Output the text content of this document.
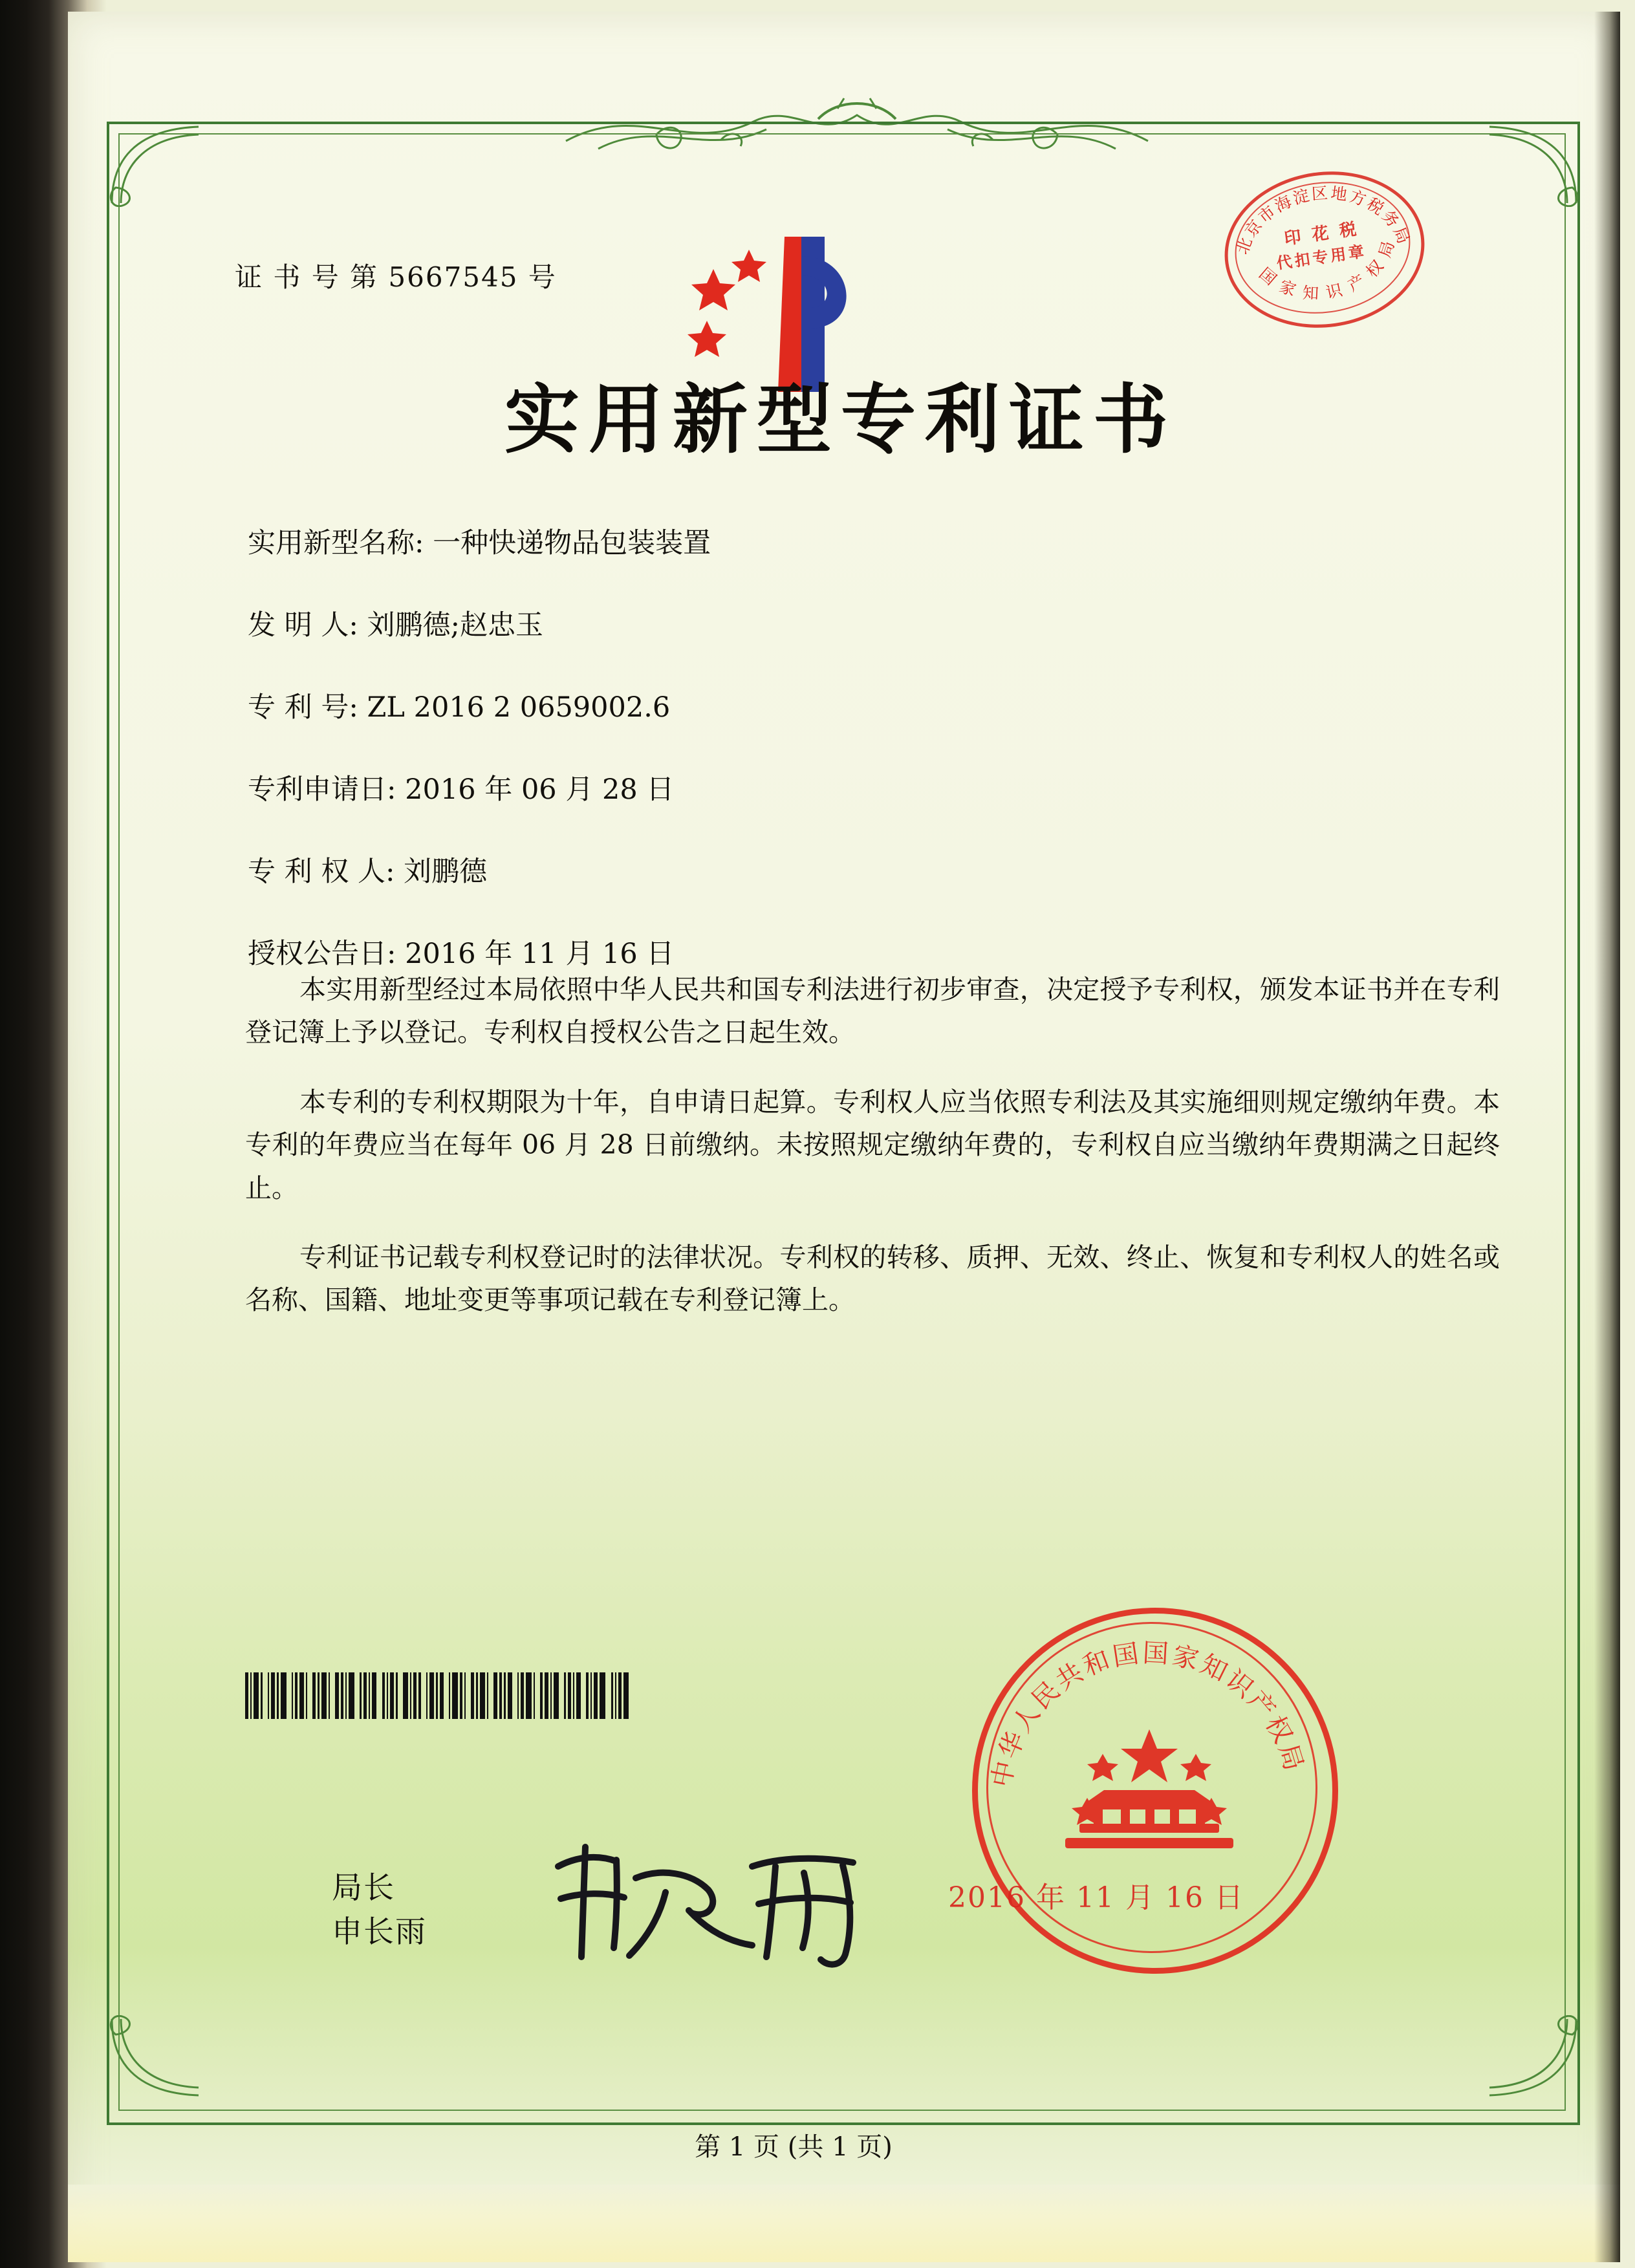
证 书 号 第 5667545 号
北京市海淀区地方税务局
国 家 知 识 产 权 局
印 花 税
代扣专用章
实用新型专利证书
实用新型名称: 一种快递物品包装装置
发 明 人: 刘鹏德;赵忠玉
专 利 号: ZL 2016 2 0659002.6
专利申请日: 2016 年 06 月 28 日
专 利 权 人: 刘鹏德
授权公告日: 2016 年 11 月 16 日

本实用新型经过本局依照中华人民共和国专利法进行初步审查，决定授予专利权，颁发本证书并在专利登记簿上予以登记。专利权自授权公告之日起生效。

本专利的专利权期限为十年，自申请日起算。专利权人应当依照专利法及其实施细则规定缴纳年费。本专利的年费应当在每年 06 月 28 日前缴纳。未按照规定缴纳年费的，专利权自应当缴纳年费期满之日起终止。

专利证书记载专利权登记时的法律状况。专利权的转移、质押、无效、终止、恢复和专利权人的姓名或名称、国籍、地址变更等事项记载在专利登记簿上。

局长
申长雨
中华人民共和国国家知识产权局
2016 年 11 月 16 日
第 1 页 (共 1 页)
